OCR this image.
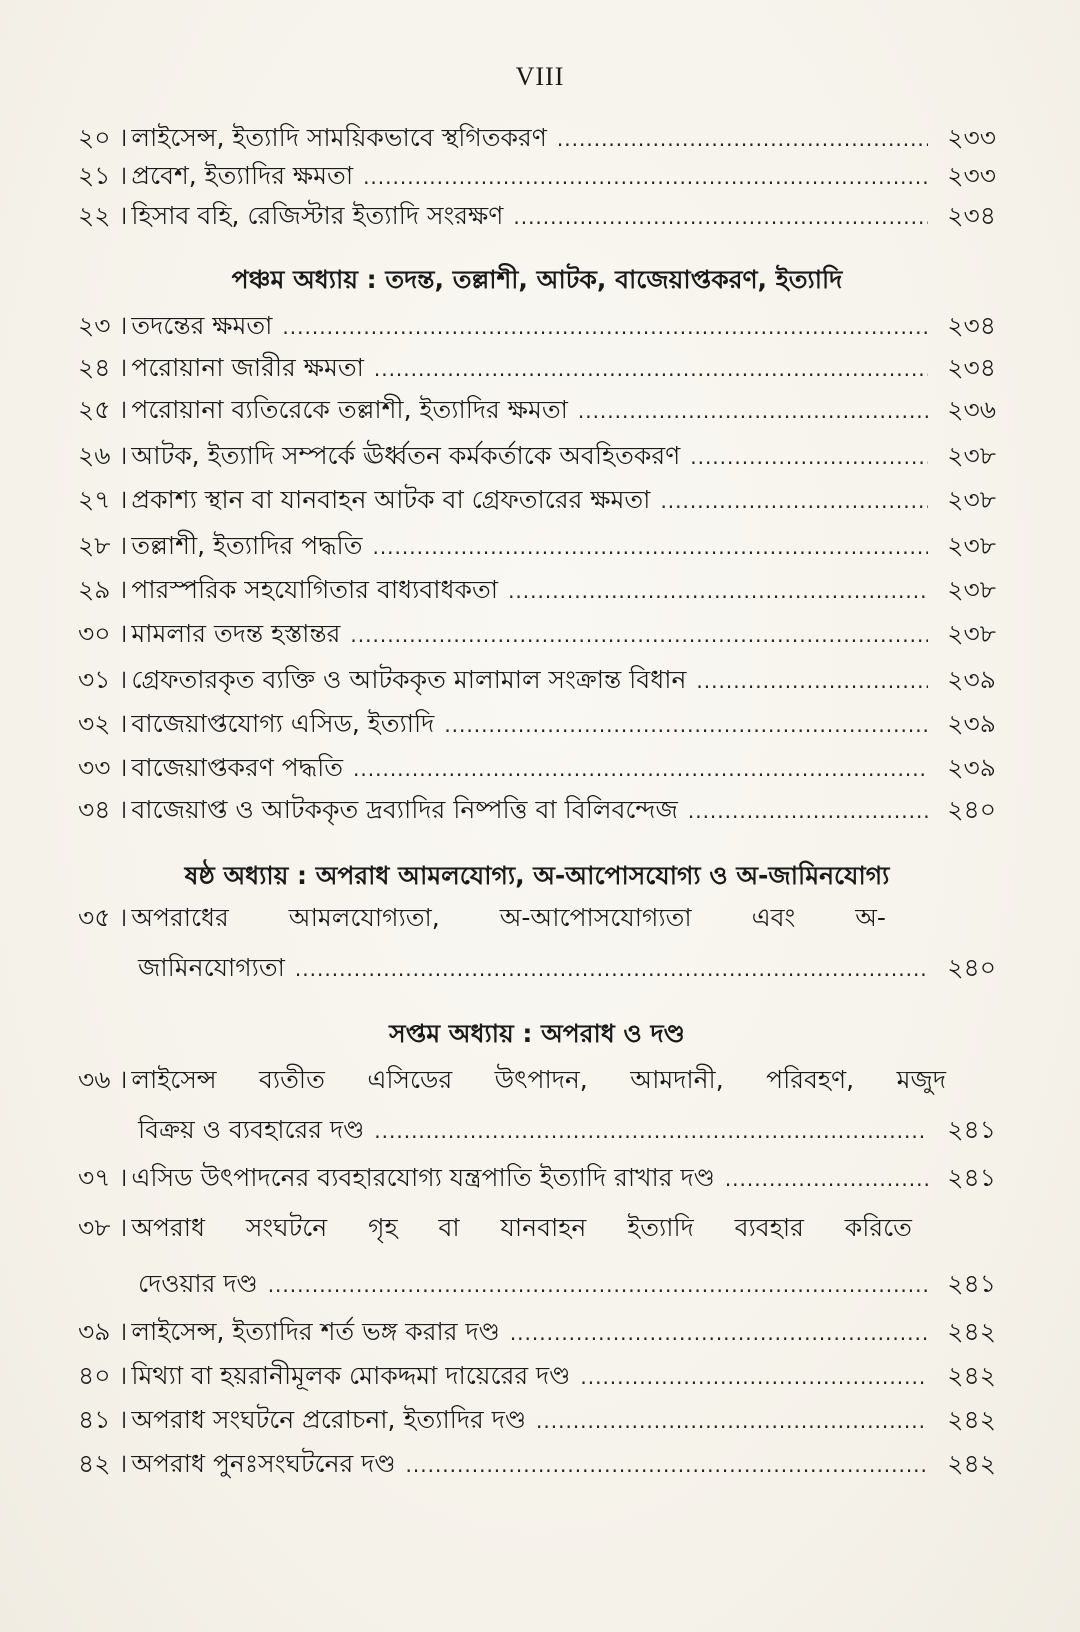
VIII
২০ । লাইসেন্স, ইত্যাদি সাময়িকভাবে স্থগিতকরণ .....	২৩৩
২১ । প্রবেশ, ইত্যাদির ক্ষমতা .....	২৩৩
২২ । হিসাব বহি, রেজিস্টার ইত্যাদি সংরক্ষণ .....	২৩৪
পঞ্চম অধ্যায় : তদন্ত, তল্লাশী, আটক, বাজেয়াপ্তকরণ, ইত্যাদি
২৩ । তদন্তের ক্ষমতা .....	২৩৪
২৪ । পরোয়ানা জারীর ক্ষমতা .....	২৩৪
২৫ । পরোয়ানা ব্যতিরেকে তল্লাশী, ইত্যাদির ক্ষমতা .....	২৩৬
২৬ । আটক, ইত্যাদি সম্পর্কে ঊর্ধ্বতন কর্মকর্তাকে অবহিতকরণ .....	২৩৮
২৭ । প্রকাশ্য স্থান বা যানবাহন আটক বা গ্রেফতারের ক্ষমতা .....	২৩৮
২৮ । তল্লাশী, ইত্যাদির পদ্ধতি .....	২৩৮
২৯ । পারস্পরিক সহযোগিতার বাধ্যবাধকতা .....	২৩৮
৩০ । মামলার তদন্ত হস্তান্তর .....	২৩৮
৩১ । গ্রেফতারকৃত ব্যক্তি ও আটককৃত মালামাল সংক্রান্ত বিধান .....	২৩৯
৩২ । বাজেয়াপ্তযোগ্য এসিড, ইত্যাদি .....	২৩৯
৩৩ । বাজেয়াপ্তকরণ পদ্ধতি .....	২৩৯
৩৪ । বাজেয়াপ্ত ও আটককৃত দ্রব্যাদির নিষ্পত্তি বা বিলিবন্দেজ .....	২৪০
ষষ্ঠ অধ্যায় : অপরাধ আমলযোগ্য, অ-আপোসযোগ্য ও অ-জামিনযোগ্য
৩৫ । অপরাধের আমলযোগ্যতা, অ-আপোসযোগ্যতা এবং অ-
জামিনযোগ্যতা .....	২৪০
সপ্তম অধ্যায় : অপরাধ ও দণ্ড
৩৬ । লাইসেন্স ব্যতীত এসিডের উৎপাদন, আমদানী, পরিবহণ, মজুদ
বিক্রয় ও ব্যবহারের দণ্ড .....	২৪১
৩৭ । এসিড উৎপাদনের ব্যবহারযোগ্য যন্ত্রপাতি ইত্যাদি রাখার দণ্ড .....	২৪১
৩৮ । অপরাধ সংঘটনে গৃহ বা যানবাহন ইত্যাদি ব্যবহার করিতে
দেওয়ার দণ্ড .....	২৪১
৩৯ । লাইসেন্স, ইত্যাদির শর্ত ভঙ্গ করার দণ্ড .....	২৪২
৪০ । মিথ্যা বা হয়রানীমূলক মোকদ্দমা দায়েরের দণ্ড .....	২৪২
৪১ । অপরাধ সংঘটনে প্ররোচনা, ইত্যাদির দণ্ড .....	২৪২
৪২ । অপরাধ পুনঃসংঘটনের দণ্ড .....	২৪২
